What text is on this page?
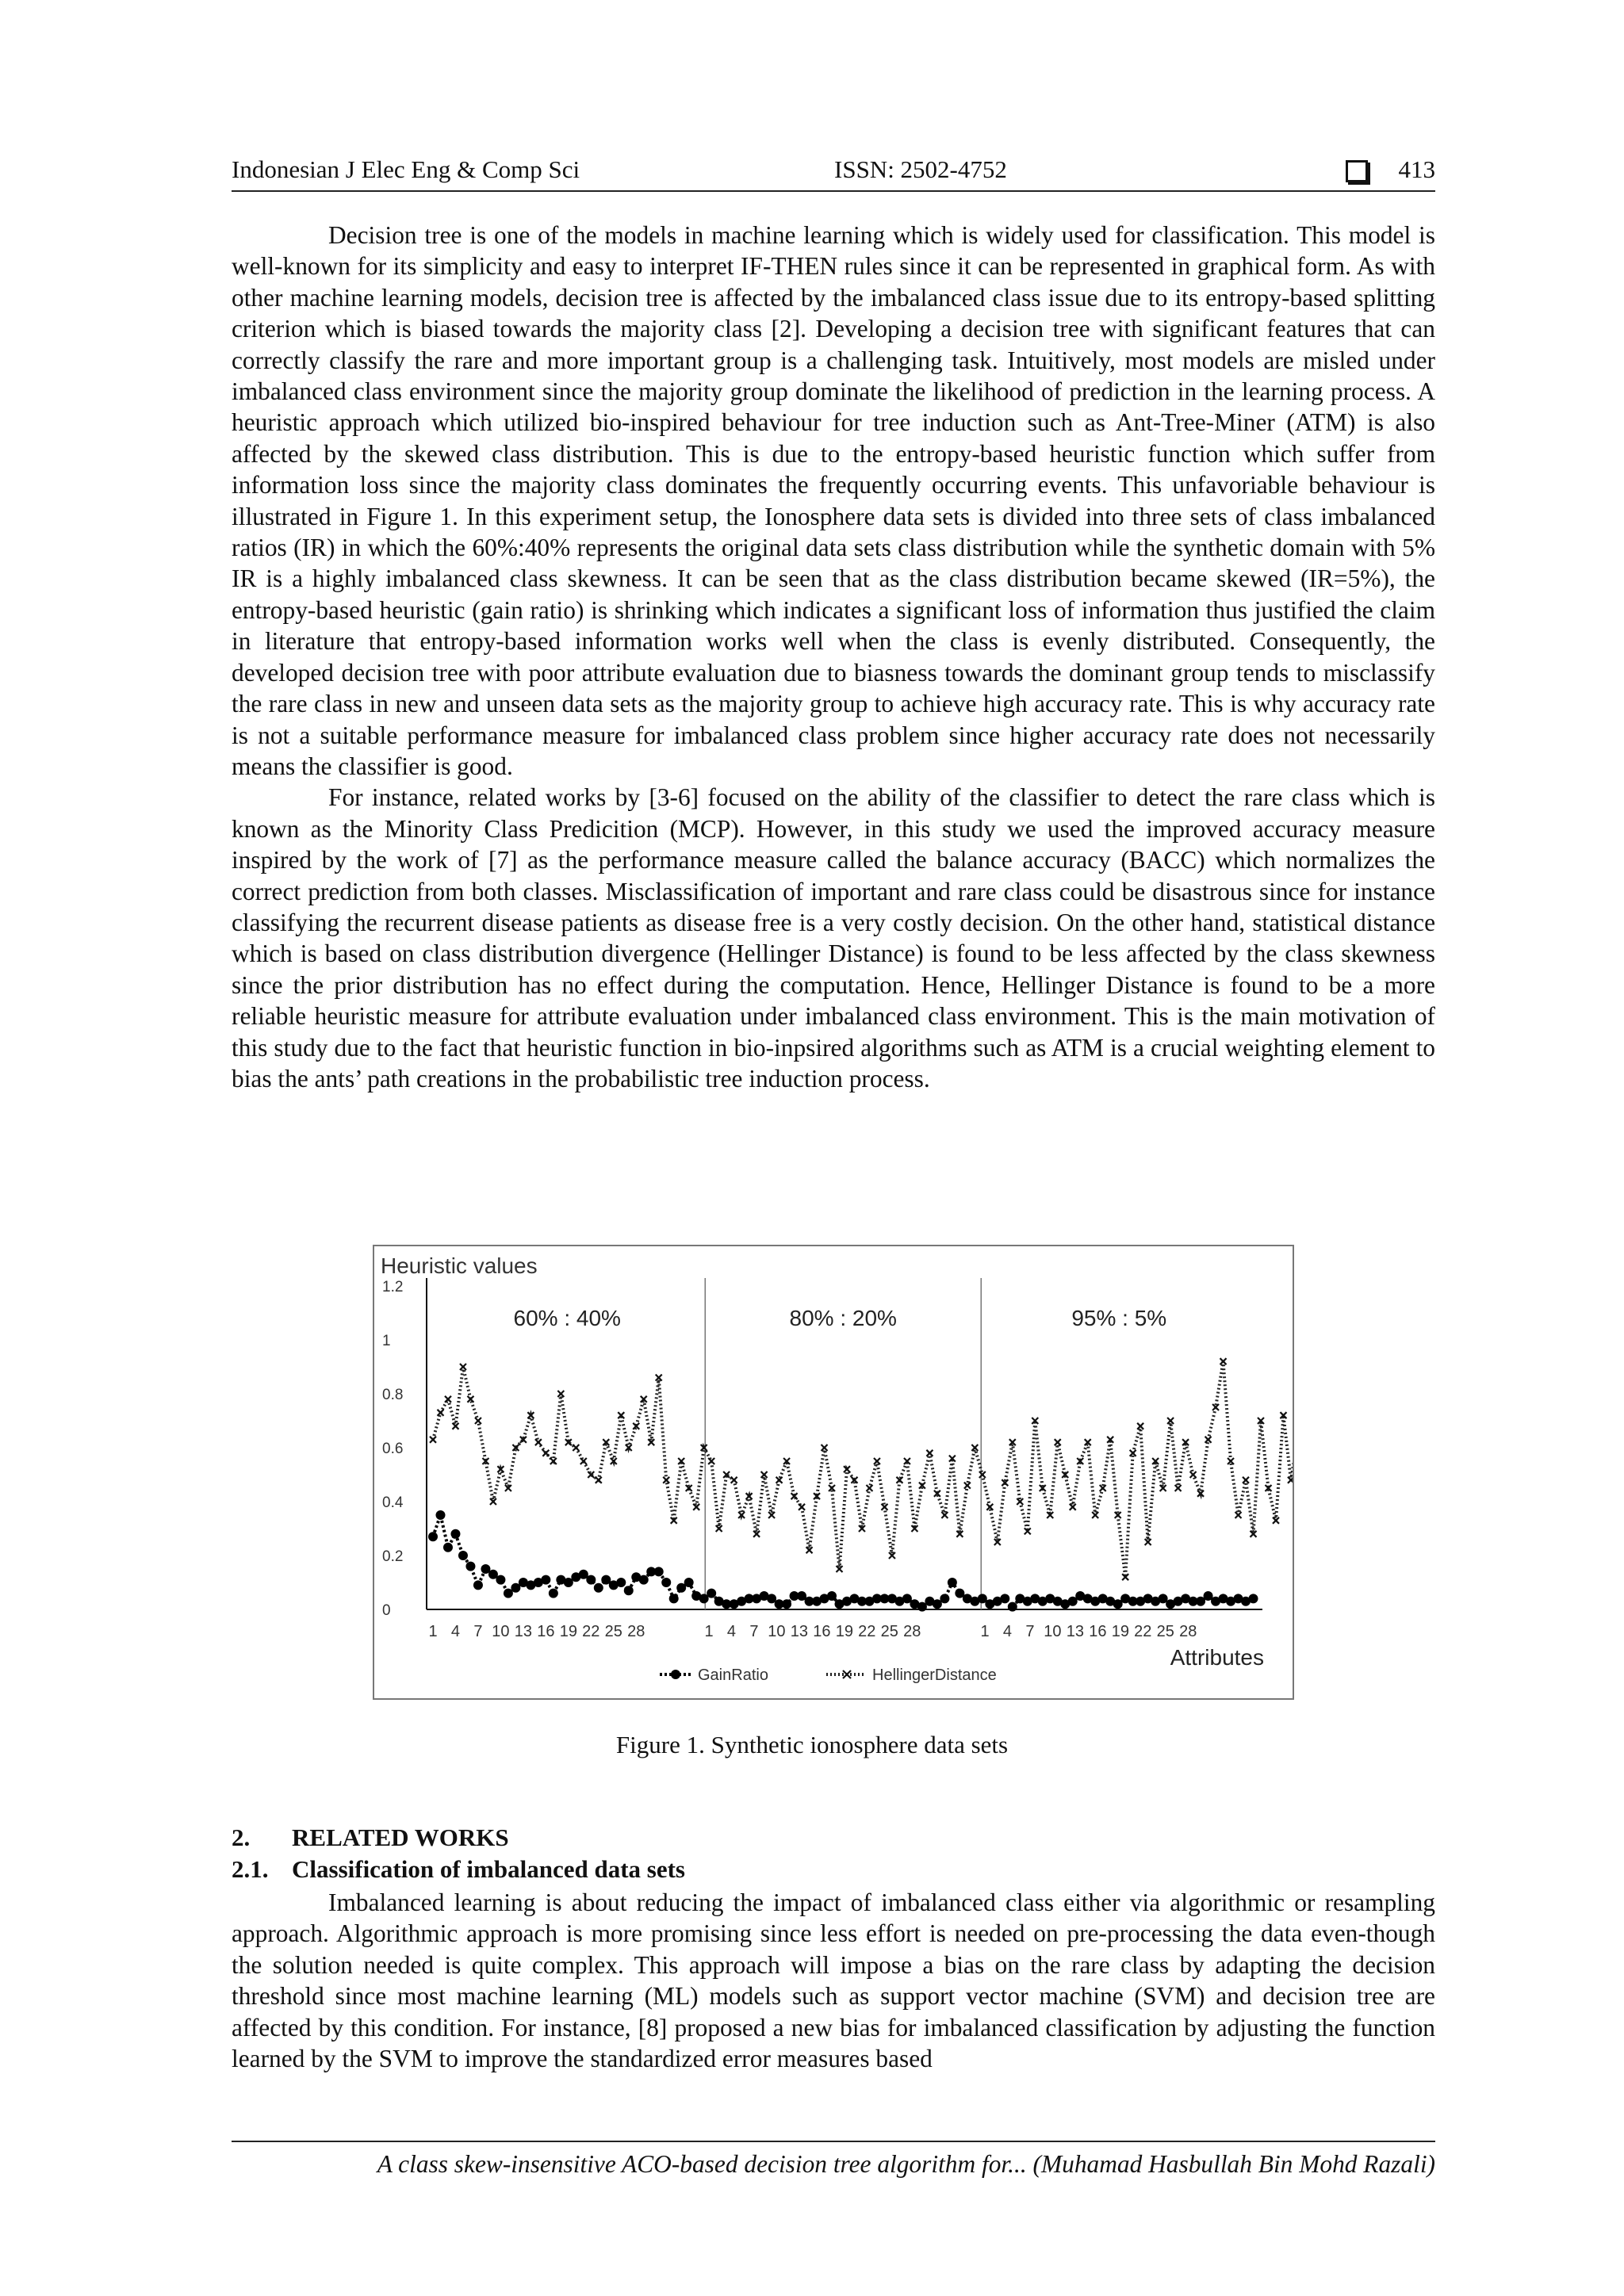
Indonesian J Elec Eng & Comp Sci	ISSN: 2502-4752	413

Decision tree is one of the models in machine learning which is widely used for classification. This model is well-known for its simplicity and easy to interpret IF-THEN rules since it can be represented in graphical form. As with other machine learning models, decision tree is affected by the imbalanced class issue due to its entropy-based splitting criterion which is biased towards the majority class [2]. Developing a decision tree with significant features that can correctly classify the rare and more important group is a challenging task. Intuitively, most models are misled under imbalanced class environment since the majority group dominate the likelihood of prediction in the learning process. A heuristic approach which utilized bio-inspired behaviour for tree induction such as Ant-Tree-Miner (ATM) is also affected by the skewed class distribution. This is due to the entropy-based heuristic function which suffer from information loss since the majority class dominates the frequently occurring events. This unfavoriable behaviour is illustrated in Figure 1. In this experiment setup, the Ionosphere data sets is divided into three sets of class imbalanced ratios (IR) in which the 60%:40% represents the original data sets class distribution while the synthetic domain with 5% IR is a highly imbalanced class skewness. It can be seen that as the class distribution became skewed (IR=5%), the entropy-based heuristic (gain ratio) is shrinking which indicates a significant loss of information thus justified the claim in literature that entropy-based information works well when the class is evenly distributed. Consequently, the developed decision tree with poor attribute evaluation due to biasness towards the dominant group tends to misclassify the rare class in new and unseen data sets as the majority group to achieve high accuracy rate. This is why accuracy rate is not a suitable performance measure for imbalanced class problem since higher accuracy rate does not necessarily means the classifier is good.

For instance, related works by [3-6] focused on the ability of the classifier to detect the rare class which is known as the Minority Class Predicition (MCP). However, in this study we used the improved accuracy measure inspired by the work of [7] as the performance measure called the balance accuracy (BACC) which normalizes the correct prediction from both classes. Misclassification of important and rare class could be disastrous since for instance classifying the recurrent disease patients as disease free is a very costly decision. On the other hand, statistical distance which is based on class distribution divergence (Hellinger Distance) is found to be less affected by the class skewness since the prior distribution has no effect during the computation. Hence, Hellinger Distance is found to be a more reliable heuristic measure for attribute evaluation under imbalanced class environment. This is the main motivation of this study due to the fact that heuristic function in bio-inpsired algorithms such as ATM is a crucial weighting element to bias the ants’ path creations in the probabilistic tree induction process.

Heuristic values
1.2
1
0.8
0.6
0.4
0.2
0
60% : 40%	80% : 20%	95% : 5%
1 4 7 10 13 16 19 22 25 28	1 4 7 10 13 16 19 22 25 28	1 4 7 10 13 16 19 22 25 28
Attributes
GainRatio	HellingerDistance
Figure 1. Synthetic ionosphere data sets
2. RELATED WORKS
2.1. Classification of imbalanced data sets

Imbalanced learning is about reducing the impact of imbalanced class either via algorithmic or resampling approach. Algorithmic approach is more promising since less effort is needed on pre-processing the data even-though the solution needed is quite complex. This approach will impose a bias on the rare class by adapting the decision threshold since most machine learning (ML) models such as support vector machine (SVM) and decision tree are affected by this condition. For instance, [8] proposed a new bias for imbalanced classification by adjusting the function learned by the SVM to improve the standardized error measures based

A class skew-insensitive ACO-based decision tree algorithm for... (Muhamad Hasbullah Bin Mohd Razali)
